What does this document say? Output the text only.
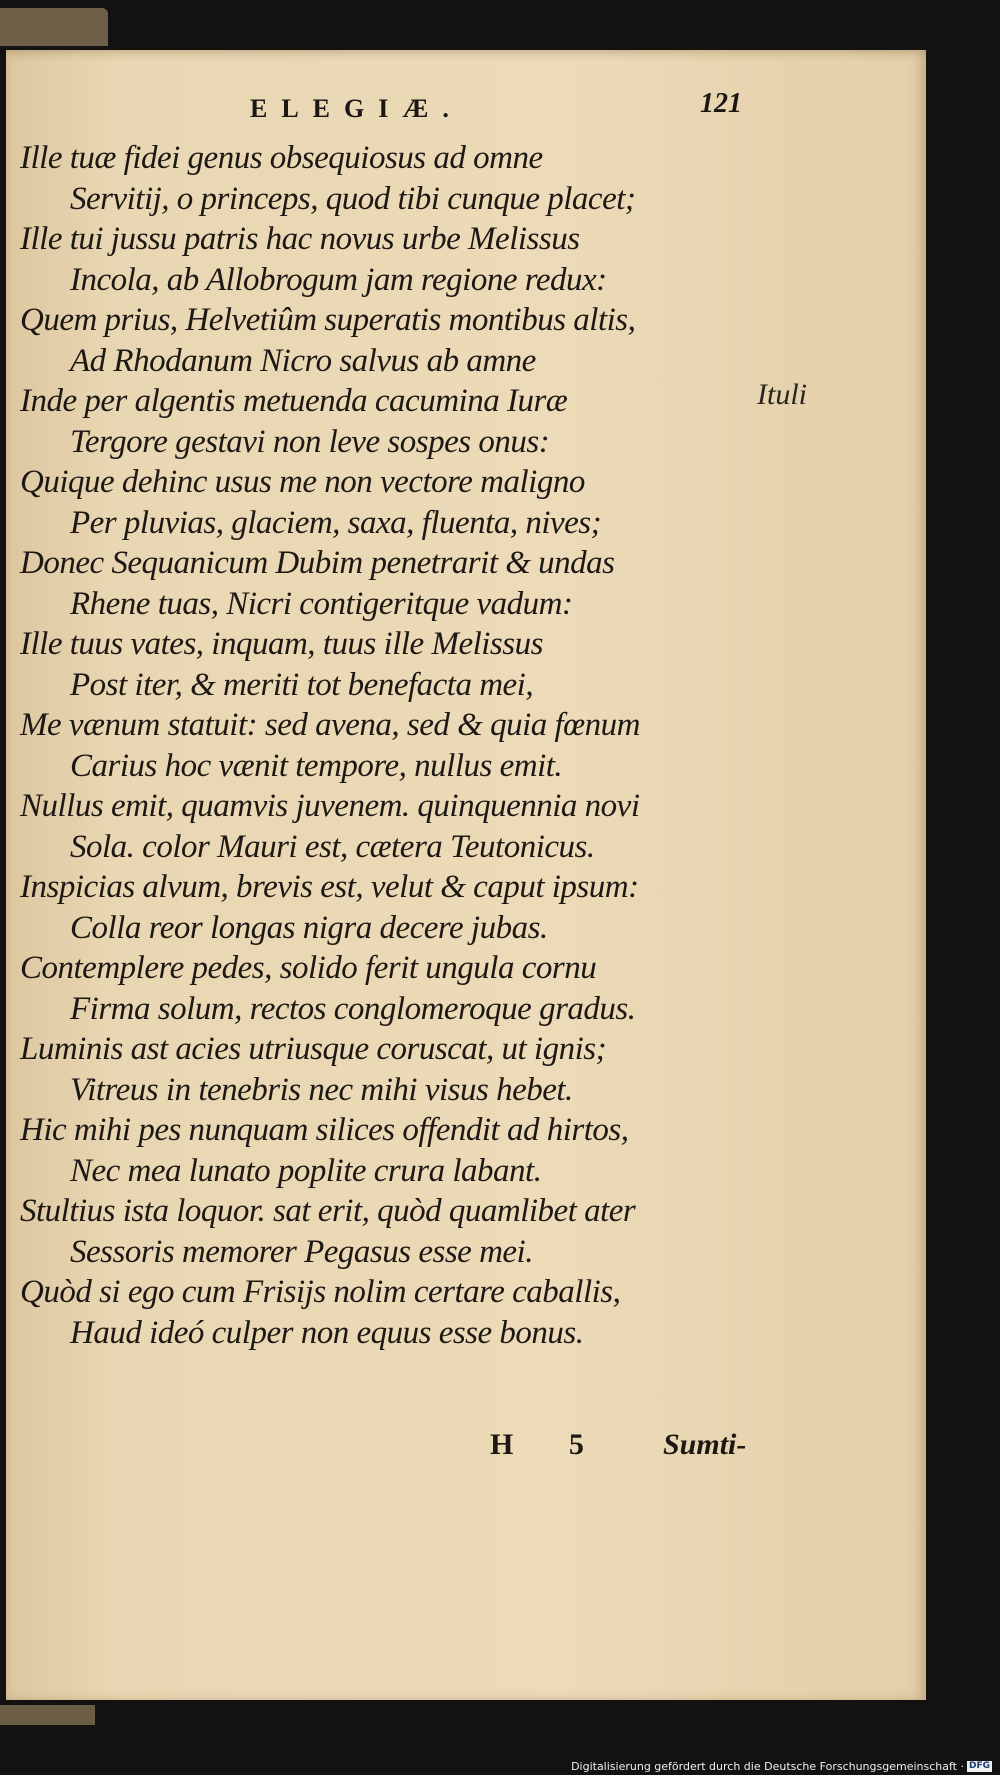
ELEGIÆ.	121
Ille tuæ fidei genus obsequiosus ad omne
Servitij, o princeps, quod tibi cunque placet;
Ille tui jussu patris hac novus urbe Melissus
Incola, ab Allobrogum jam regione redux:
Quem prius, Helvetiûm superatis montibus altis,
Ad Rhodanum Nicro salvus ab amne
Inde per algentis metuenda cacumina Iuræ
Tergore gestavi non leve sospes onus:
Quique dehinc usus me non vectore maligno
Per pluvias, glaciem, saxa, fluenta, nives;
Donec Sequanicum Dubim penetrarit & undas
Rhene tuas, Nicri contigeritque vadum:
Ille tuus vates, inquam, tuus ille Melissus
Post iter, & meriti tot benefacta mei,
Me vænum statuit: sed avena, sed & quia fœnum
Carius hoc vænit tempore, nullus emit.
Nullus emit, quamvis juvenem. quinquennia novi
Sola. color Mauri est, cætera Teutonicus.
Inspicias alvum, brevis est, velut & caput ipsum:
Colla reor longas nigra decere jubas.
Contemplere pedes, solido ferit ungula cornu
Firma solum, rectos conglomeroque gradus.
Luminis ast acies utriusque coruscat, ut ignis;
Vitreus in tenebris nec mihi visus hebet.
Hic mihi pes nunquam silices offendit ad hirtos,
Nec mea lunato poplite crura labant.
Stultius ista loquor. sat erit, quòd quamlibet ater
Sessoris memorer Pegasus esse mei.
Quòd si ego cum Frisijs nolim certare caballis,
Haud ideó culper non equus esse bonus.
Ituli
H 5 Sumti-
Digitalisierung gefördert durch die Deutsche Forschungsgemeinschaft · DFG
